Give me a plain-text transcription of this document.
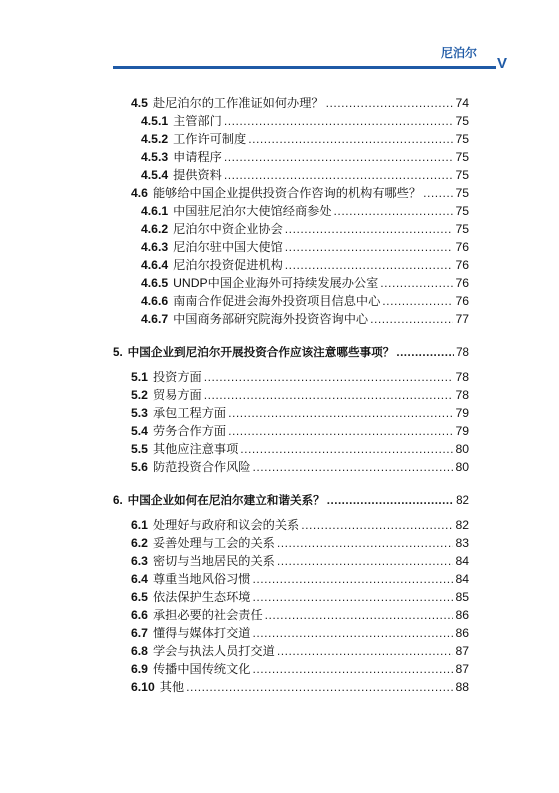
尼泊尔
V
4.5 赴尼泊尔的工作准证如何办理？ .....	74
4.5.1 主管部门 .....	75
4.5.2 工作许可制度 .....	75
4.5.3 申请程序 .....	75
4.5.4 提供资料 .....	75
4.6 能够给中国企业提供投资合作咨询的机构有哪些？ .....	75
4.6.1 中国驻尼泊尔大使馆经商参处 .....	75
4.6.2 尼泊尔中资企业协会 .....	75
4.6.3 尼泊尔驻中国大使馆 .....	76
4.6.4 尼泊尔投资促进机构 .....	76
4.6.5 UNDP中国企业海外可持续发展办公室 .....	76
4.6.6 南南合作促进会海外投资项目信息中心 .....	76
4.6.7 中国商务部研究院海外投资咨询中心 .....	77
5. 中国企业到尼泊尔开展投资合作应该注意哪些事项？ .....	78
5.1 投资方面 .....	78
5.2 贸易方面 .....	78
5.3 承包工程方面 .....	79
5.4 劳务合作方面 .....	79
5.5 其他应注意事项 .....	80
5.6 防范投资合作风险 .....	80
6. 中国企业如何在尼泊尔建立和谐关系？ .....	82
6.1 处理好与政府和议会的关系 .....	82
6.2 妥善处理与工会的关系 .....	83
6.3 密切与当地居民的关系 .....	84
6.4 尊重当地风俗习惯 .....	84
6.5 依法保护生态环境 .....	85
6.6 承担必要的社会责任 .....	86
6.7 懂得与媒体打交道 .....	86
6.8 学会与执法人员打交道 .....	87
6.9 传播中国传统文化 .....	87
6.10 其他 .....	88
